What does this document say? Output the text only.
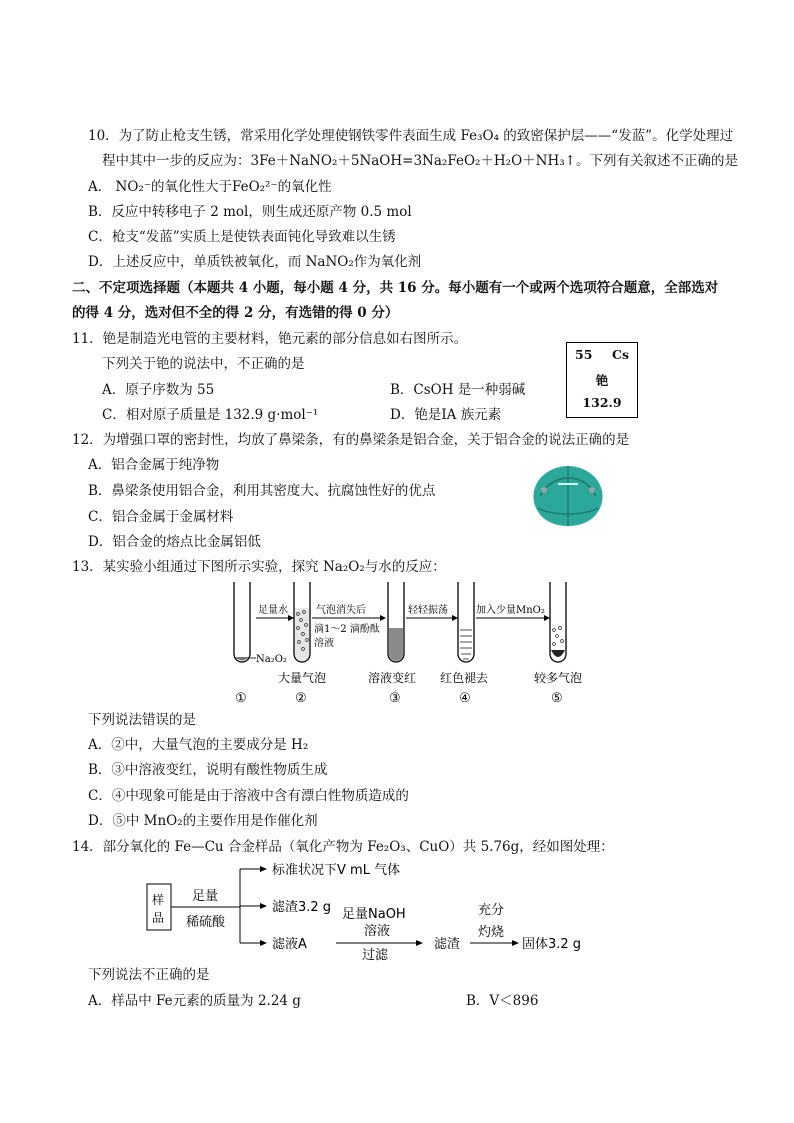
10．为了防止枪支生锈，常采用化学处理使钢铁零件表面生成 Fe₃O₄ 的致密保护层——“发蓝”。化学处理过
程中其中一步的反应为：3Fe＋NaNO₂＋5NaOH=3Na₂FeO₂＋H₂O＋NH₃↑。下列有关叙述不正确的是
A． NO₂⁻的氧化性大于FeO₂²⁻的氧化性
B．反应中转移电子 2 mol，则生成还原产物 0.5 mol
C．枪支“发蓝”实质上是使铁表面钝化导致难以生锈
D．上述反应中，单质铁被氧化，而 NaNO₂作为氧化剂
二、不定项选择题（本题共 4 小题，每小题 4 分，共 16 分。每小题有一个或两个选项符合题意，全部选对
的得 4 分，选对但不全的得 2 分，有选错的得 0 分）
11．铯是制造光电管的主要材料，铯元素的部分信息如右图所示。
下列关于铯的说法中，不正确的是
A．原子序数为 55	B．CsOH 是一种弱碱
C．相对原子质量是 132.9 g·mol⁻¹	D．铯是ⅠA 族元素
55 Cs
铯
132.9
12．为增强口罩的密封性，均放了鼻梁条，有的鼻梁条是铝合金，关于铝合金的说法正确的是
A．铝合金属于纯净物
B．鼻梁条使用铝合金，利用其密度大、抗腐蚀性好的优点
C．铝合金属于金属材料
D．铝合金的熔点比金属铝低
13．某实验小组通过下图所示实验，探究 Na₂O₂与水的反应：
Na₂O₂
足量水	气泡消失后
滴1～2 滴酚酞
溶液
轻轻振荡	加入少量MnO₂
大量气泡	溶液变红 红色褪去	较多气泡
①	②	③	④	⑤
下列说法错误的是
A．②中，大量气泡的主要成分是 H₂
B．③中溶液变红，说明有酸性物质生成
C．④中现象可能是由于溶液中含有漂白性物质造成的
D．⑤中 MnO₂的主要作用是作催化剂
14．部分氧化的 Fe—Cu 合金样品（氧化产物为 Fe₂O₃、CuO）共 5.76g，经如图处理：
样
品
足量
稀硫酸
标准状况下V mL 气体
滤渣3.2 g
滤液A
足量NaOH
溶液
过滤
滤渣
充分
灼烧
固体3.2 g
下列说法不正确的是
A．样品中 Fe元素的质量为 2.24 g	B．V＜896
